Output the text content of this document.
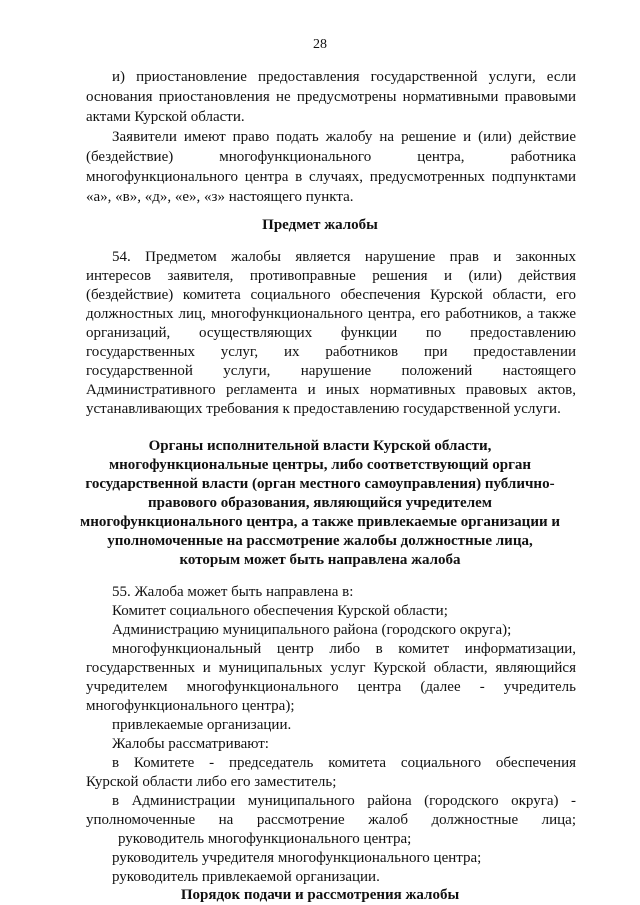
28
и) приостановление предоставления государственной услуги, если
основания приостановления не предусмотрены нормативными правовыми
актами Курской области.
Заявители имеют право подать жалобу на решение и (или) действие
(бездействие) многофункционального центра, работника
многофункционального центра в случаях, предусмотренных подпунктами
«а», «в», «д», «е», «з» настоящего пункта.
Предмет жалобы
54. Предметом жалобы является нарушение прав и законных
интересов заявителя, противоправные решения и (или) действия
(бездействие) комитета социального обеспечения Курской области, его
должностных лиц, многофункционального центра, его работников, а также
организаций, осуществляющих функции по предоставлению
государственных услуг, их работников при предоставлении
государственной услуги, нарушение положений настоящего
Административного регламента и иных нормативных правовых актов,
устанавливающих требования к предоставлению государственной услуги.
Органы исполнительной власти Курской области,
многофункциональные центры, либо соответствующий орган
государственной власти (орган местного самоуправления) публично-
правового образования, являющийся учредителем
многофункционального центра, а также привлекаемые организации и
уполномоченные на рассмотрение жалобы должностные лица,
которым может быть направлена жалоба
55. Жалоба может быть направлена в:
Комитет социального обеспечения Курской области;
Администрацию муниципального района (городского округа);
многофункциональный центр либо в комитет информатизации,
государственных и муниципальных услуг Курской области, являющийся
учредителем многофункционального центра (далее - учредитель
многофункционального центра);
привлекаемые организации.
Жалобы рассматривают:
в Комитете - председатель комитета социального обеспечения
Курской области либо его заместитель;
в Администрации муниципального района (городского округа) -
уполномоченные на рассмотрение жалоб должностные лица;
руководитель многофункционального центра;
руководитель учредителя многофункционального центра;
руководитель привлекаемой организации.
Порядок подачи и рассмотрения жалобы
